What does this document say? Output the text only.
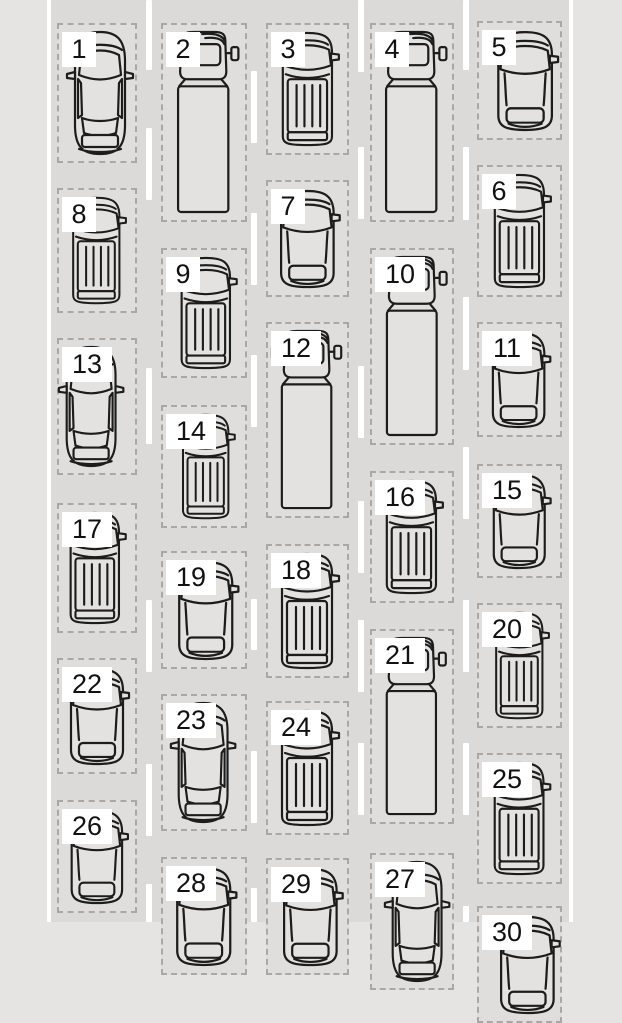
1	2	3	4	5
6
7
8
9	10
11
12
13
14
15
16
17
18
19
20
21
22
23	24
25
26
27
28	29
30
